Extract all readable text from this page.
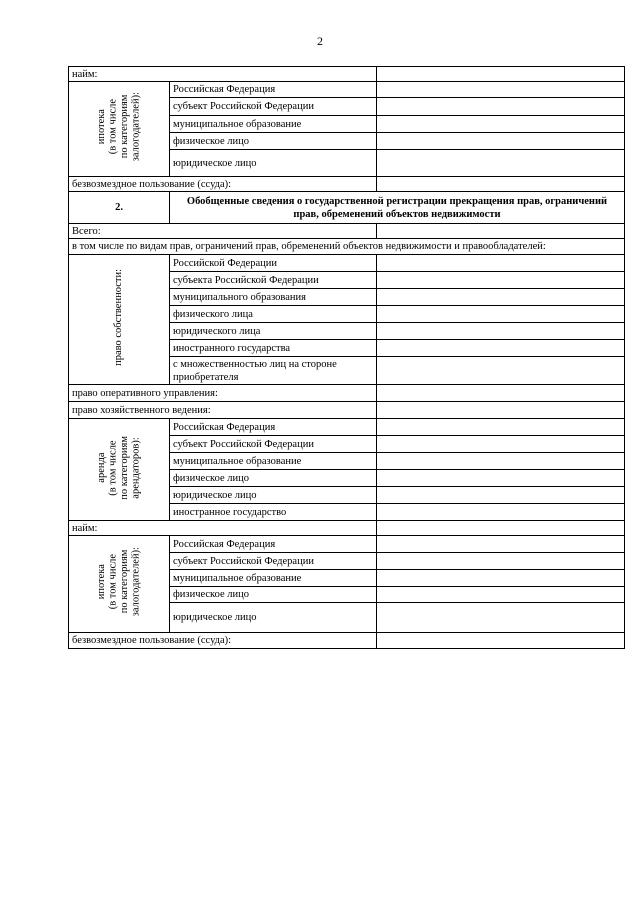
2
найм:		
ипотека
(в том числе
по категориям
залогодателей):	Российская Федерация	
	субъект Российской Федерации	
	муниципальное образование	
	физическое лицо	
	юридическое лицо	
безвозмездное пользование (ссуда):		
2.	Обобщенные сведения о государственной регистрации прекращения прав, ограничений прав, обременений объектов недвижимости	
Всего:		
в том числе по видам прав, ограничений прав, обременений объектов недвижимости и правообладателей:		
право собственности:	Российской Федерации	
	субъекта Российской Федерации	
	муниципального образования	
	физического лица	
	юридического лица	
	иностранного государства	
	с множественностью лиц на стороне приобретателя	
право оперативного управления:		
право хозяйственного ведения:		
аренда
(в том числе
по категориям
арендаторов):	Российская Федерация	
	субъект Российской Федерации	
	муниципальное образование	
	физическое лицо	
	юридическое лицо	
	иностранное государство	
найм:		
ипотека
(в том числе
по категориям
залогодателей):	Российская Федерация	
	субъект Российской Федерации	
	муниципальное образование	
	физическое лицо	
	юридическое лицо	
безвозмездное пользование (ссуда):		
